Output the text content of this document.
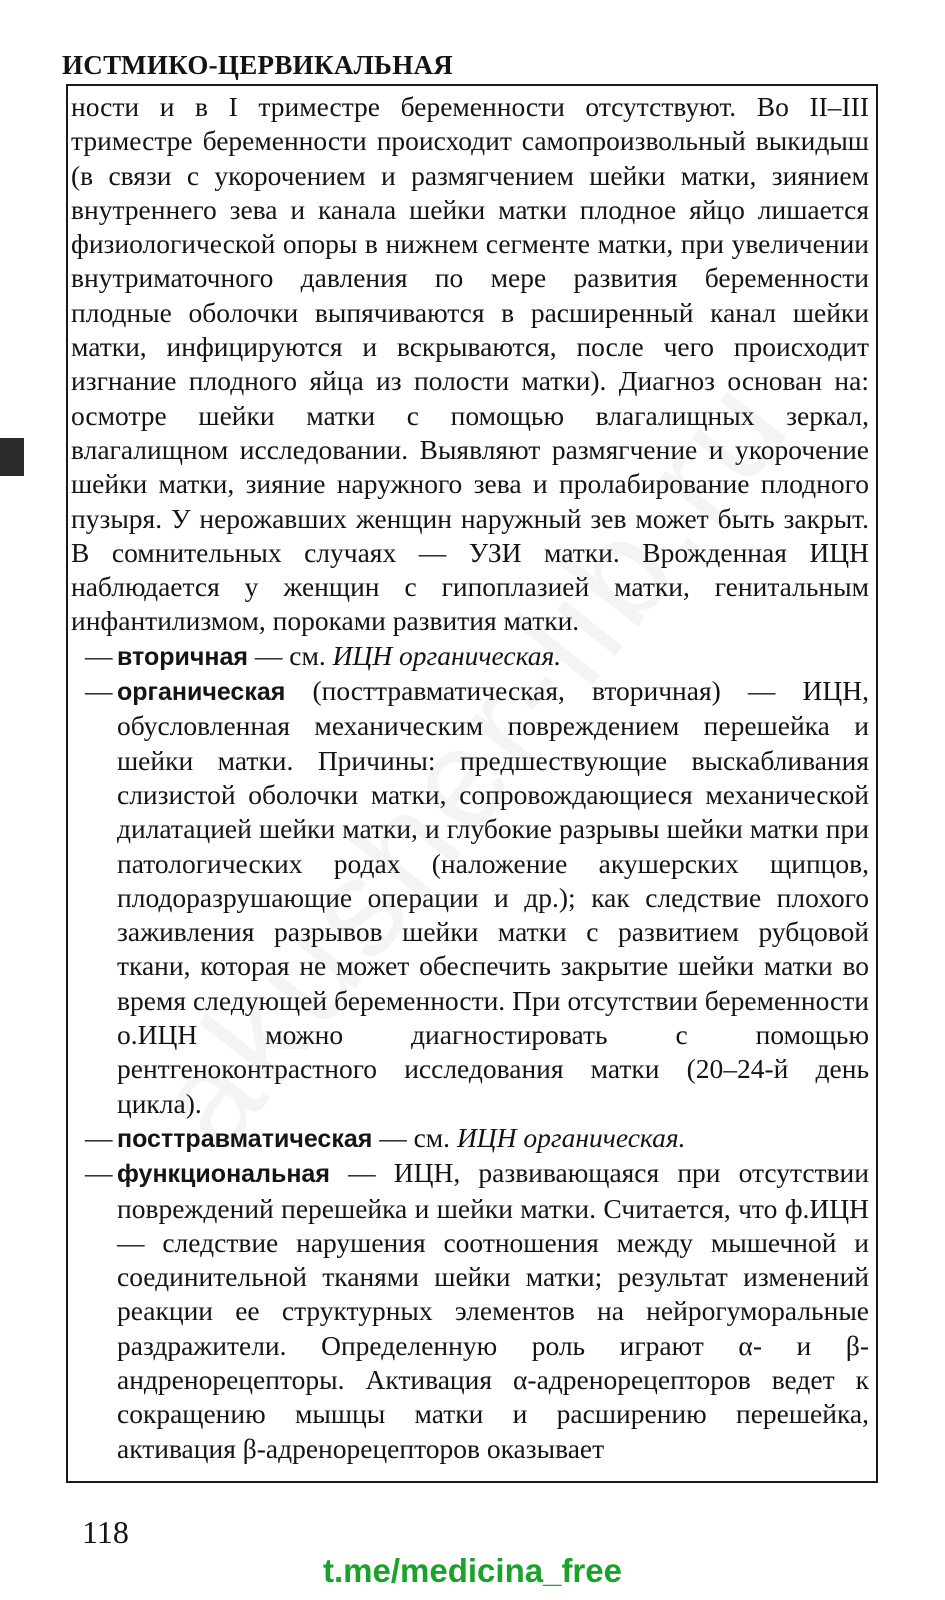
ИСТМИКО-ЦЕРВИКАЛЬНАЯ

ности и в I триместре беременности отсутствуют. Во II–III триместре беременности происходит самопроизвольный выкидыш (в связи с укорочением и размягчением шейки матки, зиянием внутреннего зева и канала шейки матки плодное яйцо лишается физиологической опоры в нижнем сегменте матки, при увеличении внутриматочного давления по мере развития беременности плодные оболочки выпячиваются в расширенный канал шейки матки, инфицируются и вскрываются, после чего происходит изгнание плодного яйца из полости матки). Диагноз основан на: осмотре шейки матки с помощью влагалищных зеркал, влагалищном исследовании. Выявляют размягчение и укорочение шейки матки, зияние наружного зева и пролабирование плодного пузыря. У нерожавших женщин наружный зев может быть закрыт. В сомнительных случаях — УЗИ матки. Врожденная ИЦН наблюдается у женщин с гипоплазией матки, генитальным инфантилизмом, пороками развития матки.

— вторичная — см. ИЦН органическая.

— органическая (посттравматическая, вторичная) — ИЦН, обусловленная механическим повреждением перешейка и шейки матки. Причины: предшествующие выскабливания слизистой оболочки матки, сопровождающиеся механической дилатацией шейки матки, и глубокие разрывы шейки матки при патологических родах (наложение акушерских щипцов, плодоразрушающие операции и др.); как следствие плохого заживления разрывов шейки матки с развитием рубцовой ткани, которая не может обеспечить закрытие шейки матки во время следующей беременности. При отсутствии беременности о.ИЦН можно диагностировать с помощью рентгеноконтрастного исследования матки (20–24-й день цикла).

— посттравматическая — см. ИЦН органическая.

— функциональная — ИЦН, развивающаяся при отсутствии повреждений перешейка и шейки матки. Считается, что ф.ИЦН — следствие нарушения соотношения между мышечной и соединительной тканями шейки матки; результат изменений реакции ее структурных элементов на нейрогуморальные раздражители. Определенную роль играют α- и β-андренорецепторы. Активация α-адренорецепторов ведет к сокращению мышцы матки и расширению перешейка, активация β-адренорецепторов оказывает

118
t.me/medicina_free
